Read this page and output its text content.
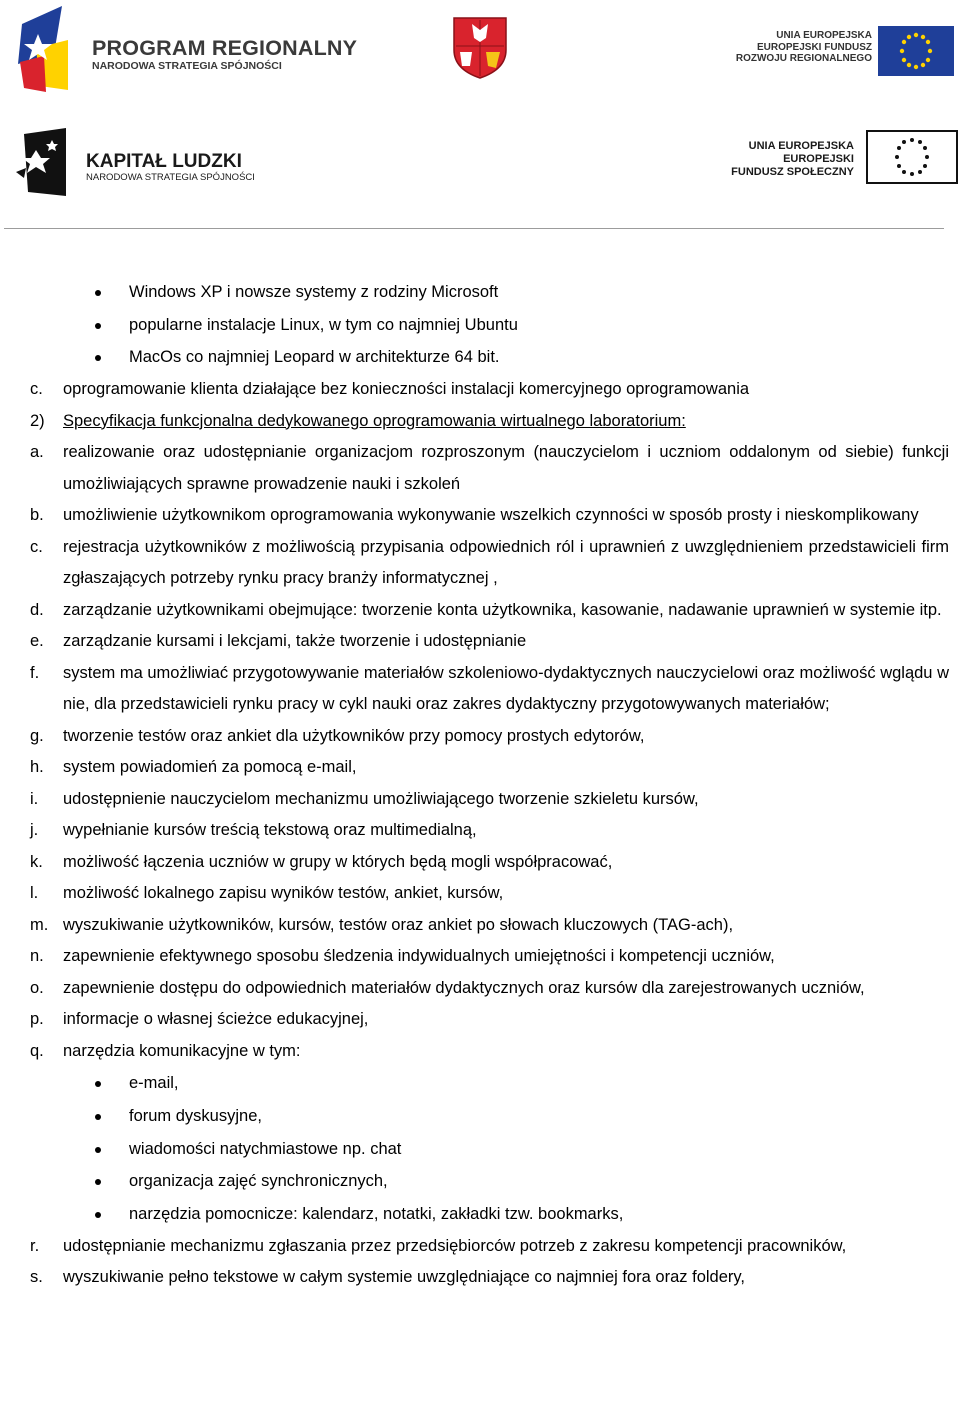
PROGRAM REGIONALNY
NARODOWA STRATEGIA SPÓJNOŚCI
UNIA EUROPEJSKA
EUROPEJSKI FUNDUSZ
ROZWOJU REGIONALNEGO
KAPITAŁ LUDZKI
NARODOWA STRATEGIA SPÓJNOŚCI
UNIA EUROPEJSKA
EUROPEJSKI
FUNDUSZ SPOŁECZNY
Windows XP i nowsze systemy z rodziny Microsoft
popularne instalacje Linux, w tym co najmniej Ubuntu
MacOs co najmniej Leopard w architekturze 64 bit.
c. oprogramowanie klienta działające bez konieczności instalacji komercyjnego oprogramowania
2) Specyfikacja funkcjonalna dedykowanego oprogramowania wirtualnego laboratorium:
a. realizowanie oraz udostępnianie organizacjom rozproszonym (nauczycielom i uczniom oddalonym od siebie) funkcji umożliwiających sprawne prowadzenie nauki i szkoleń
b. umożliwienie użytkownikom oprogramowania wykonywanie wszelkich czynności w sposób prosty i nieskomplikowany
c. rejestracja użytkowników z możliwością przypisania odpowiednich ról i uprawnień z uwzględnieniem przedstawicieli firm zgłaszających potrzeby rynku pracy branży informatycznej ,
d. zarządzanie użytkownikami obejmujące: tworzenie konta użytkownika, kasowanie, nadawanie uprawnień w systemie itp.
e. zarządzanie kursami i lekcjami, także tworzenie i udostępnianie
f. system ma umożliwiać przygotowywanie materiałów szkoleniowo-dydaktycznych nauczycielowi oraz możliwość wglądu w nie, dla przedstawicieli rynku pracy w cykl nauki oraz zakres dydaktyczny przygotowywanych materiałów;
g. tworzenie testów oraz ankiet dla użytkowników przy pomocy prostych edytorów,
h. system powiadomień za pomocą e-mail,
i. udostępnienie nauczycielom mechanizmu umożliwiającego tworzenie szkieletu kursów,
j. wypełnianie kursów treścią tekstową oraz multimedialną,
k. możliwość łączenia uczniów w grupy w których będą mogli współpracować,
l. możliwość lokalnego zapisu wyników testów, ankiet, kursów,
m. wyszukiwanie użytkowników, kursów, testów oraz ankiet po słowach kluczowych (TAG-ach),
n. zapewnienie efektywnego sposobu śledzenia indywidualnych umiejętności i kompetencji uczniów,
o. zapewnienie dostępu do odpowiednich materiałów dydaktycznych oraz kursów dla zarejestrowanych uczniów,
p. informacje o własnej ścieżce edukacyjnej,
q. narzędzia komunikacyjne w tym:
e-mail,
forum dyskusyjne,
wiadomości natychmiastowe np. chat
organizacja zajęć synchronicznych,
narzędzia pomocnicze: kalendarz, notatki, zakładki tzw. bookmarks,
r. udostępnianie mechanizmu zgłaszania przez przedsiębiorców potrzeb z zakresu kompetencji pracowników,
s. wyszukiwanie pełno tekstowe w całym systemie uwzględniające co najmniej fora oraz foldery,
